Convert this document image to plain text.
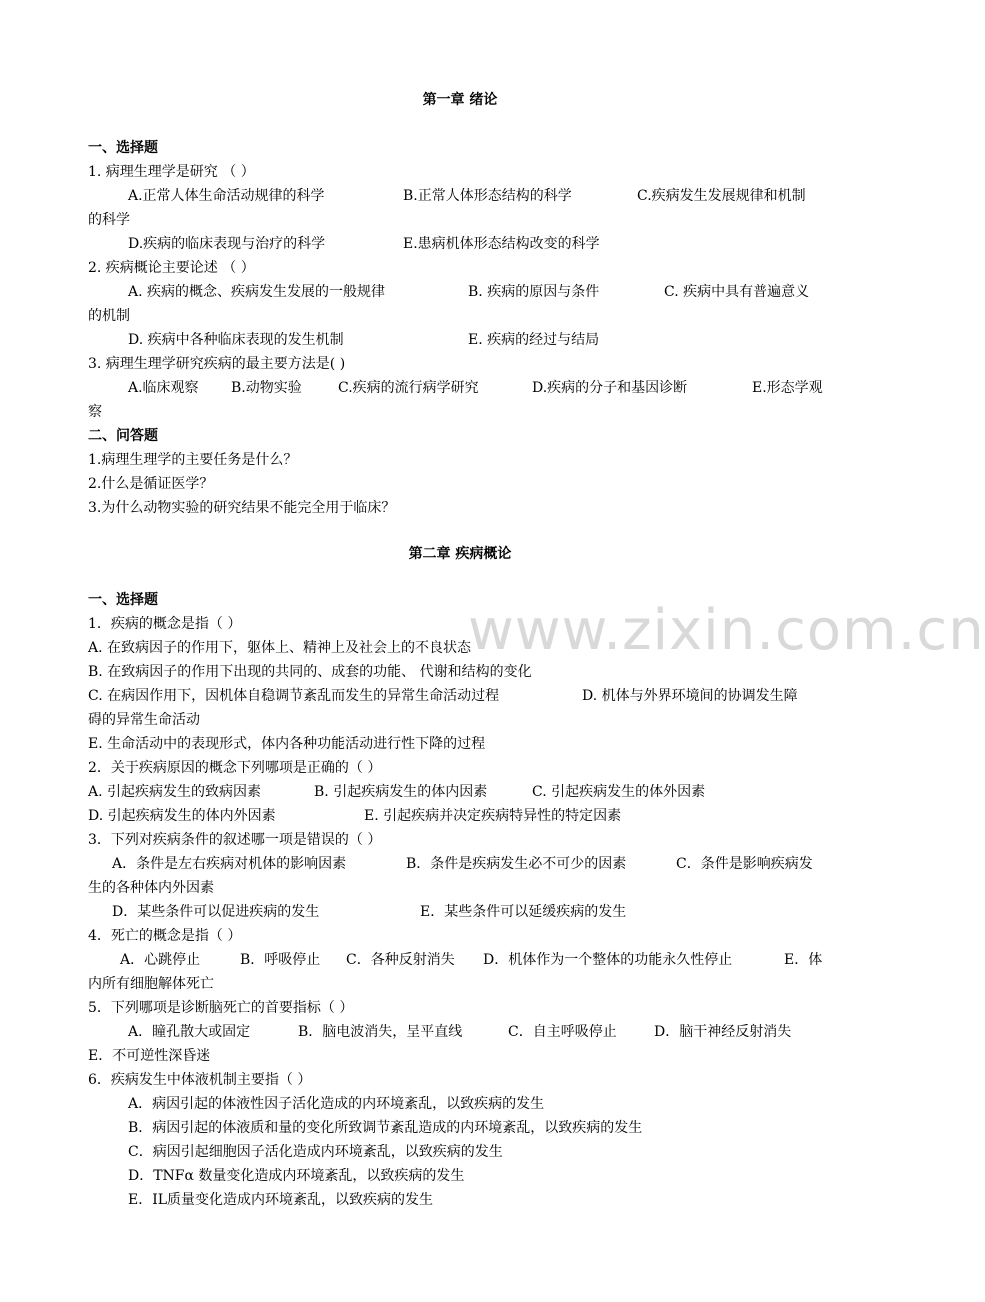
www.zixin.com.cn
第一章 绪论
一、选择题
1. 病理生理学是研究 （ ）
A.正常人体生命活动规律的科学	B.正常人体形态结构的科学	C.疾病发生发展规律和机制
的科学
D.疾病的临床表现与治疗的科学	E.患病机体形态结构改变的科学
2. 疾病概论主要论述 （ ）
A. 疾病的概念、疾病发生发展的一般规律	B. 疾病的原因与条件	C. 疾病中具有普遍意义
的机制
D. 疾病中各种临床表现的发生机制	E. 疾病的经过与结局
3. 病理生理学研究疾病的最主要方法是( )
A.临床观察 B.动物实验	C.疾病的流行病学研究	D.疾病的分子和基因诊断	E.形态学观
察
二、问答题
1.病理生理学的主要任务是什么？
2.什么是循证医学？
3.为什么动物实验的研究结果不能完全用于临床？
第二章 疾病概论
一、选择题
1．疾病的概念是指（ ）
A. 在致病因子的作用下，躯体上、精神上及社会上的不良状态
B. 在致病因子的作用下出现的共同的、成套的功能、 代谢和结构的变化
C. 在病因作用下，因机体自稳调节紊乱而发生的异常生命活动过程	D. 机体与外界环境间的协调发生障
碍的异常生命活动
E. 生命活动中的表现形式，体内各种功能活动进行性下降的过程
2．关于疾病原因的概念下列哪项是正确的（ ）
A. 引起疾病发生的致病因素	B. 引起疾病发生的体内因素	C. 引起疾病发生的体外因素
D. 引起疾病发生的体内外因素	E. 引起疾病并决定疾病特异性的特定因素
3．下列对疾病条件的叙述哪一项是错误的（ ）
A．条件是左右疾病对机体的影响因素	B．条件是疾病发生必不可少的因素	C．条件是影响疾病发
生的各种体内外因素
D．某些条件可以促进疾病的发生	E．某些条件可以延缓疾病的发生
4．死亡的概念是指（ ）
A．心跳停止	B．呼吸停止 C．各种反射消失 D．机体作为一个整体的功能永久性停止	E．体
内所有细胞解体死亡
5．下列哪项是诊断脑死亡的首要指标（ ）
A．瞳孔散大或固定	B．脑电波消失，呈平直线	C．自主呼吸停止	D．脑干神经反射消失
E．不可逆性深昏迷
6．疾病发生中体液机制主要指（ ）
A．病因引起的体液性因子活化造成的内环境紊乱，以致疾病的发生
B．病因引起的体液质和量的变化所致调节紊乱造成的内环境紊乱，以致疾病的发生
C．病因引起细胞因子活化造成内环境紊乱，以致疾病的发生
D．TNFα 数量变化造成内环境紊乱，以致疾病的发生
E．IL质量变化造成内环境紊乱，以致疾病的发生
